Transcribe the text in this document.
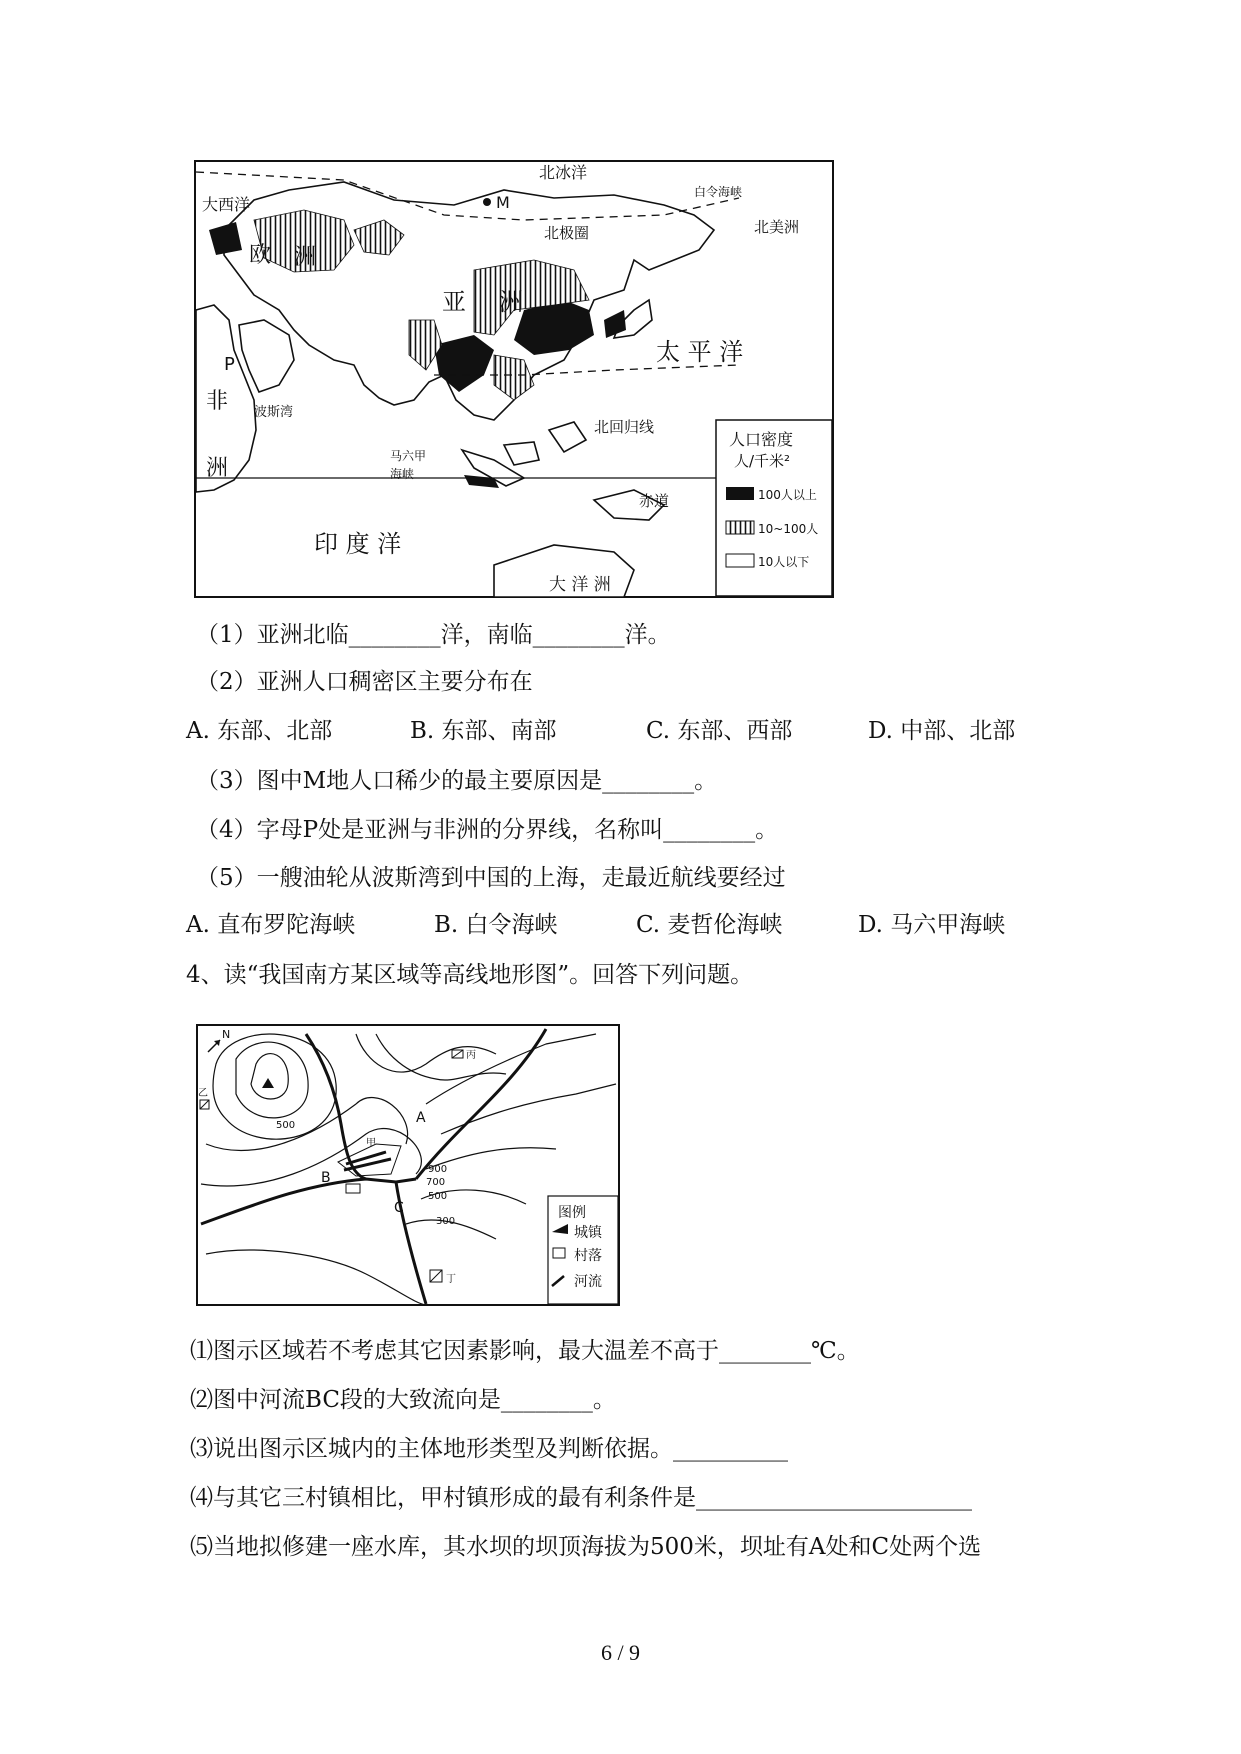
大西洋
北冰洋
M
白令海峡
北极圈	北美洲
欧 洲
亚 洲
太 平 洋
P
非
洲
波斯湾
北回归线
马六甲
海峡
赤道
印 度 洋
大 洋 洲
人口密度
人/千米²
100人以上
10~100人
10人以下
（1）亚洲北临________洋，南临________洋。
（2）亚洲人口稠密区主要分布在
A. 东部、北部	B. 东部、南部	C. 东部、西部	D. 中部、北部
（3）图中M地人口稀少的最主要原因是________。
（4）字母P处是亚洲与非洲的分界线，名称叫________。
（5）一艘油轮从波斯湾到中国的上海，走最近航线要经过
A. 直布罗陀海峡	B. 白令海峡	C. 麦哲伦海峡	D. 马六甲海峡
4、读“我国南方某区域等高线地形图”。回答下列问题。
N
500
900
700
500
300
A
B
C
甲
乙
丙
丁
图例
城镇
村落
河流
⑴图示区域若不考虑其它因素影响，最大温差不高于________℃。
⑵图中河流BC段的大致流向是________。
⑶说出图示区城内的主体地形类型及判断依据。__________
⑷与其它三村镇相比，甲村镇形成的最有利条件是________________________
⑸当地拟修建一座水库，其水坝的坝顶海拔为500米，坝址有A处和C处两个选
6 / 9
